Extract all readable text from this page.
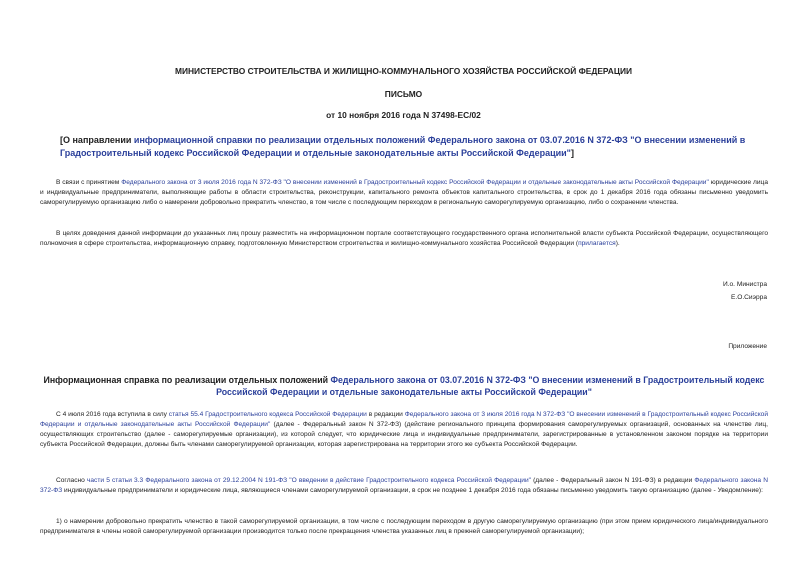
МИНИСТЕРСТВО СТРОИТЕЛЬСТВА И ЖИЛИЩНО-КОММУНАЛЬНОГО ХОЗЯЙСТВА РОССИЙСКОЙ ФЕДЕРАЦИИ
ПИСЬМО
от 10 ноября 2016 года N 37498-ЕС/02
[О направлении информационной справки по реализации отдельных положений Федерального закона от 03.07.2016 N 372-ФЗ "О внесении изменений в Градостроительный кодекс Российской Федерации и отдельные законодательные акты Российской Федерации"]
В связи с принятием Федерального закона от 3 июля 2016 года N 372-ФЗ "О внесении изменений в Градостроительный кодекс Российской Федерации и отдельные законодательные акты Российской Федерации" юридические лица и индивидуальные предприниматели, выполняющие работы в области строительства, реконструкции, капитального ремонта объектов капитального строительства, в срок до 1 декабря 2016 года обязаны письменно уведомить саморегулируемую организацию либо о намерении добровольно прекратить членство, в том числе с последующим переходом в региональную саморегулируемую организацию, либо о сохранении членства.
В целях доведения данной информации до указанных лиц прошу разместить на информационном портале соответствующего государственного органа исполнительной власти субъекта Российской Федерации, осуществляющего полномочия в сфере строительства, информационную справку, подготовленную Министерством строительства и жилищно-коммунального хозяйства Российской Федерации (прилагается).
И.о. Министра
Е.О.Сиэрра
Приложение
Информационная справка по реализации отдельных положений Федерального закона от 03.07.2016 N 372-ФЗ "О внесении изменений в Градостроительный кодекс Российской Федерации и отдельные законодательные акты Российской Федерации"
С 4 июля 2016 года вступила в силу статья 55.4 Градостроительного кодекса Российской Федерации в редакции Федерального закона от 3 июля 2016 года N 372-ФЗ "О внесении изменений в Градостроительный кодекс Российской Федерации и отдельные законодательные акты Российской Федерации" (далее - Федеральный закон N 372-ФЗ) (действие регионального принципа формирования саморегулируемых организаций, основанных на членстве лиц, осуществляющих строительство (далее - саморегулируемые организации), из которой следует, что юридические лица и индивидуальные предприниматели, зарегистрированные в установленном законом порядке на территории субъекта Российской Федерации, должны быть членами саморегулируемой организации, которая зарегистрирована на территории этого же субъекта Российской Федерации.
Согласно части 5 статьи 3.3 Федерального закона от 29.12.2004 N 191-ФЗ "О введении в действие Градостроительного кодекса Российской Федерации" (далее - Федеральный закон N 191-ФЗ) в редакции Федерального закона N 372-ФЗ индивидуальные предприниматели и юридические лица, являющиеся членами саморегулируемой организации, в срок не позднее 1 декабря 2016 года обязаны письменно уведомить такую организацию (далее - Уведомление):
1) о намерении добровольно прекратить членство в такой саморегулируемой организации, в том числе с последующим переходом в другую саморегулируемую организацию (при этом прием юридического лица/индивидуального предпринимателя в члены новой саморегулируемой организации производится только после прекращения членства указанных лиц в прежней саморегулируемой организации);
